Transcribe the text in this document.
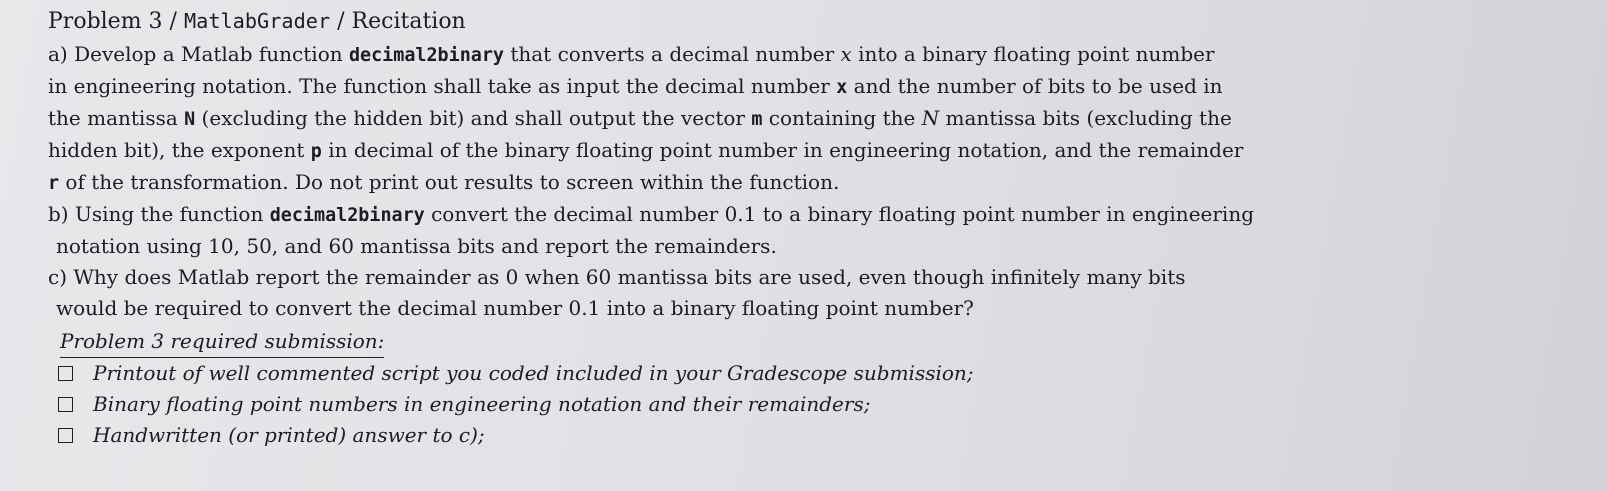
Problem 3 / MatlabGrader / Recitation
a) Develop a Matlab function decimal2binary that converts a decimal number x into a binary floating point number
in engineering notation. The function shall take as input the decimal number x and the number of bits to be used in
the mantissa N (excluding the hidden bit) and shall output the vector m containing the N mantissa bits (excluding the
hidden bit), the exponent p in decimal of the binary floating point number in engineering notation, and the remainder
r of the transformation. Do not print out results to screen within the function.
b) Using the function decimal2binary convert the decimal number 0.1 to a binary floating point number in engineering
notation using 10, 50, and 60 mantissa bits and report the remainders.
c) Why does Matlab report the remainder as 0 when 60 mantissa bits are used, even though infinitely many bits
would be required to convert the decimal number 0.1 into a binary floating point number?
Problem 3 required submission:
Printout of well commented script you coded included in your Gradescope submission;
Binary floating point numbers in engineering notation and their remainders;
Handwritten (or printed) answer to c);
